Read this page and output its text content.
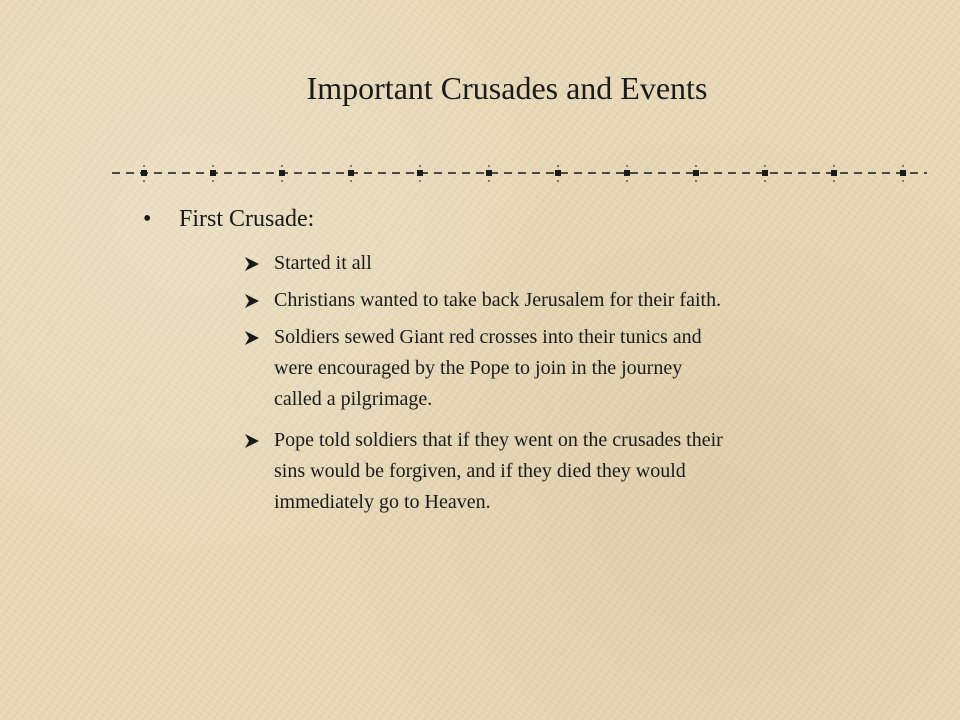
Important Crusades and Events
• First Crusade:
Started it all
Christians wanted to take back Jerusalem for their faith.
Soldiers sewed Giant red crosses into their tunics and
were encouraged by the Pope to join in the journey
called a pilgrimage.
Pope told soldiers that if they went on the crusades their
sins would be forgiven, and if they died they would
immediately go to Heaven.
